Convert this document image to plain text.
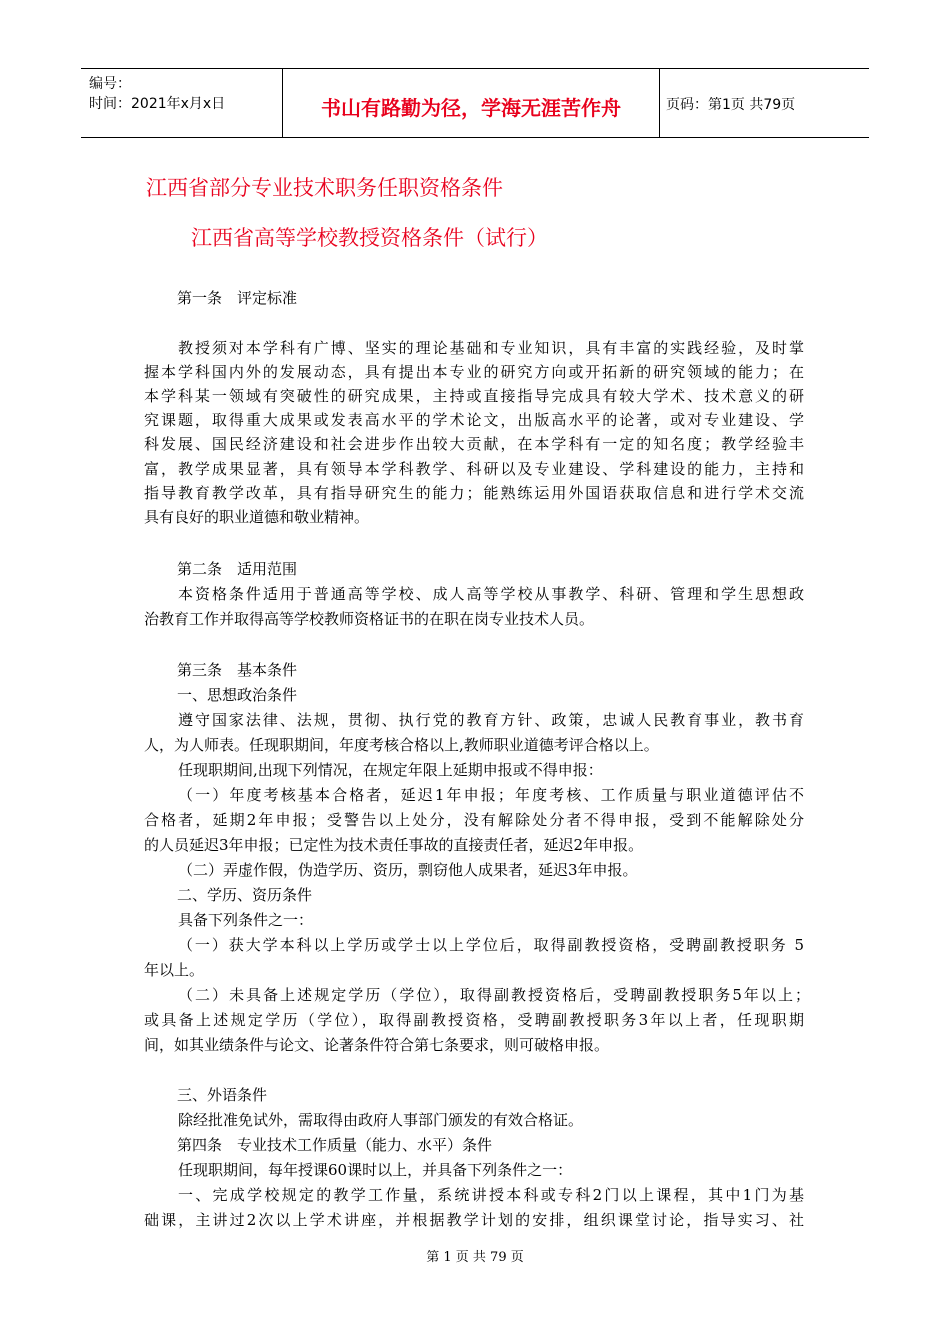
编号：
时间：2021年x月x日	书山有路勤为径，学海无涯苦作舟	页码：第1页 共79页
江西省部分专业技术职务任职资格条件
江西省高等学校教授资格条件（试行）
第一条　评定标准
教授须对本学科有广博、坚实的理论基础和专业知识，具有丰富的实践经验，及时掌
握本学科国内外的发展动态，具有提出本专业的研究方向或开拓新的研究领域的能力；在
本学科某一领域有突破性的研究成果，主持或直接指导完成具有较大学术、技术意义的研
究课题，取得重大成果或发表高水平的学术论文，出版高水平的论著，或对专业建设、学
科发展、国民经济建设和社会进步作出较大贡献，在本学科有一定的知名度；教学经验丰
富，教学成果显著，具有领导本学科教学、科研以及专业建设、学科建设的能力，主持和
指导教育教学改革，具有指导研究生的能力；能熟练运用外国语获取信息和进行学术交流
具有良好的职业道德和敬业精神。
第二条　适用范围
本资格条件适用于普通高等学校、成人高等学校从事教学、科研、管理和学生思想政
治教育工作并取得高等学校教师资格证书的在职在岗专业技术人员。
第三条　基本条件
一、思想政治条件
遵守国家法律、法规，贯彻、执行党的教育方针、政策，忠诚人民教育事业，教书育
人，为人师表。任现职期间，年度考核合格以上,教师职业道德考评合格以上。
任现职期间,出现下列情况，在规定年限上延期申报或不得申报：
（一）年度考核基本合格者，延迟1年申报；年度考核、工作质量与职业道德评估不
合格者，延期2年申报；受警告以上处分，没有解除处分者不得申报，受到不能解除处分
的人员延迟3年申报；已定性为技术责任事故的直接责任者，延迟2年申报。
（二）弄虚作假，伪造学历、资历，剽窃他人成果者，延迟3年申报。
二、学历、资历条件
具备下列条件之一：
（一）获大学本科以上学历或学士以上学位后，取得副教授资格，受聘副教授职务 5
年以上。
（二）未具备上述规定学历（学位），取得副教授资格后，受聘副教授职务5年以上；
或具备上述规定学历（学位），取得副教授资格，受聘副教授职务3年以上者，任现职期
间，如其业绩条件与论文、论著条件符合第七条要求，则可破格申报。
三、外语条件
除经批准免试外，需取得由政府人事部门颁发的有效合格证。
第四条　专业技术工作质量（能力、水平）条件
任现职期间，每年授课60课时以上，并具备下列条件之一：
一、完成学校规定的教学工作量，系统讲授本科或专科2门以上课程，其中1门为基
础课，主讲过2次以上学术讲座，并根据教学计划的安排，组织课堂讨论，指导实习、社
第 1 页 共 79 页
